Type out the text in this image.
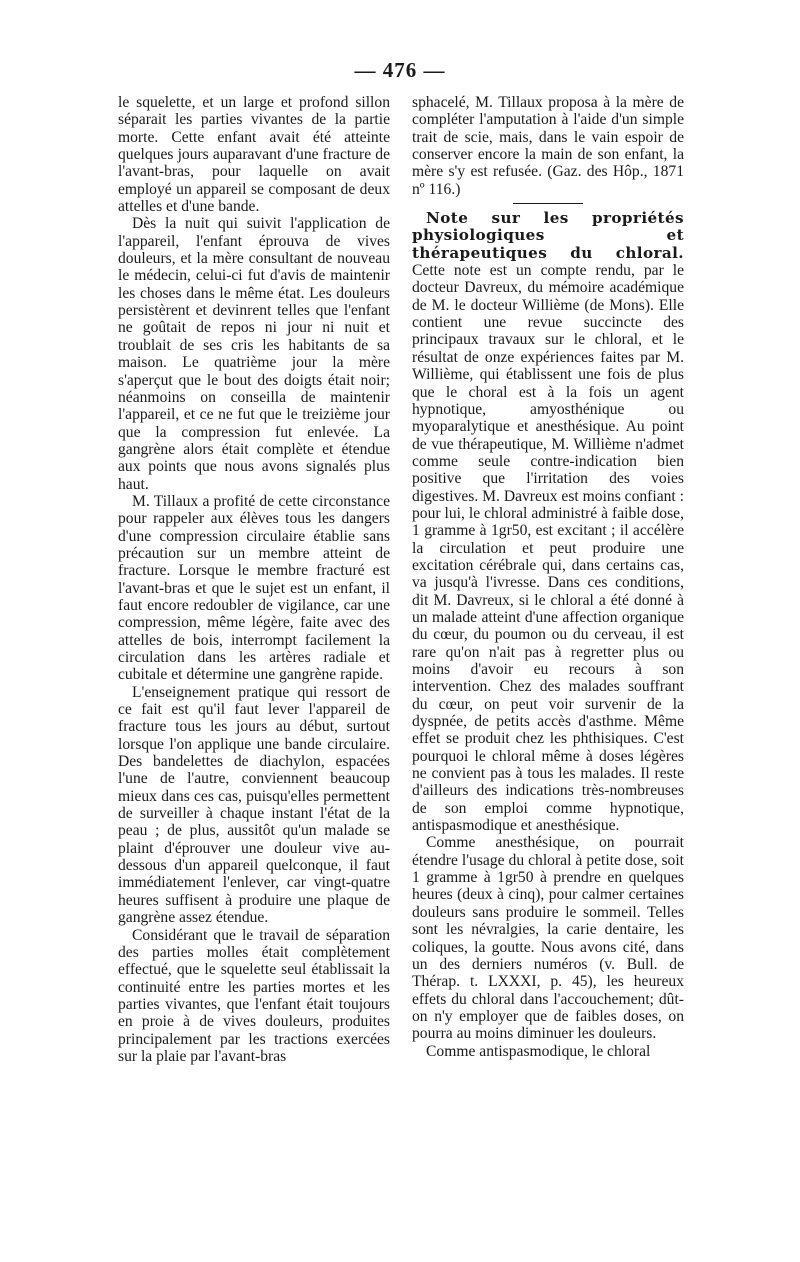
— 476 —

le squelette, et un large et profond sillon séparait les parties vivantes de la partie morte. Cette enfant avait été atteinte quelques jours auparavant d'une fracture de l'avant-bras, pour laquelle on avait employé un appareil se composant de deux attelles et d'une bande.

Dès la nuit qui suivit l'application de l'appareil, l'enfant éprouva de vives douleurs, et la mère consultant de nouveau le médecin, celui-ci fut d'avis de maintenir les choses dans le même état. Les douleurs persistèrent et devinrent telles que l'enfant ne goûtait de repos ni jour ni nuit et troublait de ses cris les habitants de sa maison. Le quatrième jour la mère s'aperçut que le bout des doigts était noir; néanmoins on conseilla de maintenir l'appareil, et ce ne fut que le treizième jour que la compression fut enlevée. La gangrène alors était complète et étendue aux points que nous avons signalés plus haut.

M. Tillaux a profité de cette circonstance pour rappeler aux élèves tous les dangers d'une compression circulaire établie sans précaution sur un membre atteint de fracture. Lorsque le membre fracturé est l'avant-bras et que le sujet est un enfant, il faut encore redoubler de vigilance, car une compression, même légère, faite avec des attelles de bois, interrompt facilement la circulation dans les artères radiale et cubitale et détermine une gangrène rapide.

L'enseignement pratique qui ressort de ce fait est qu'il faut lever l'appareil de fracture tous les jours au début, surtout lorsque l'on applique une bande circulaire. Des bandelettes de diachylon, espacées l'une de l'autre, conviennent beaucoup mieux dans ces cas, puisqu'elles permettent de surveiller à chaque instant l'état de la peau ; de plus, aussitôt qu'un malade se plaint d'éprouver une douleur vive au-dessous d'un appareil quelconque, il faut immédiatement l'enlever, car vingt-quatre heures suffisent à produire une plaque de gangrène assez étendue.

Considérant que le travail de séparation des parties molles était complètement effectué, que le squelette seul établissait la continuité entre les parties mortes et les parties vivantes, que l'enfant était toujours en proie à de vives douleurs, produites principalement par les tractions exercées sur la plaie par l'avant-bras

sphacelé, M. Tillaux proposa à la mère de compléter l'amputation à l'aide d'un simple trait de scie, mais, dans le vain espoir de conserver encore la main de son enfant, la mère s'y est refusée. (Gaz. des Hôp., 1871 nº 116.)

Note sur les propriétés physiologiques et thérapeutiques du chloral. Cette note est un compte rendu, par le docteur Davreux, du mémoire académique de M. le docteur Willième (de Mons). Elle contient une revue succincte des principaux travaux sur le chloral, et le résultat de onze expériences faites par M. Willième, qui établissent une fois de plus que le choral est à la fois un agent hypnotique, amyosthénique ou myoparalytique et anesthésique. Au point de vue thérapeutique, M. Willième n'admet comme seule contre-indication bien positive que l'irritation des voies digestives. M. Davreux est moins confiant : pour lui, le chloral administré à faible dose, 1 gramme à 1gr50, est excitant ; il accélère la circulation et peut produire une excitation cérébrale qui, dans certains cas, va jusqu'à l'ivresse. Dans ces conditions, dit M. Davreux, si le chloral a été donné à un malade atteint d'une affection organique du cœur, du poumon ou du cerveau, il est rare qu'on n'ait pas à regretter plus ou moins d'avoir eu recours à son intervention. Chez des malades souffrant du cœur, on peut voir survenir de la dyspnée, de petits accès d'asthme. Même effet se produit chez les phthisiques. C'est pourquoi le chloral même à doses légères ne convient pas à tous les malades. Il reste d'ailleurs des indications très-nombreuses de son emploi comme hypnotique, antispasmodique et anesthésique.

Comme anesthésique, on pourrait étendre l'usage du chloral à petite dose, soit 1 gramme à 1gr50 à prendre en quelques heures (deux à cinq), pour calmer certaines douleurs sans produire le sommeil. Telles sont les névralgies, la carie dentaire, les coliques, la goutte. Nous avons cité, dans un des derniers numéros (v. Bull. de Thérap. t. LXXXI, p. 45), les heureux effets du chloral dans l'accouchement; dût-on n'y employer que de faibles doses, on pourra au moins diminuer les douleurs.

Comme antispasmodique, le chloral
